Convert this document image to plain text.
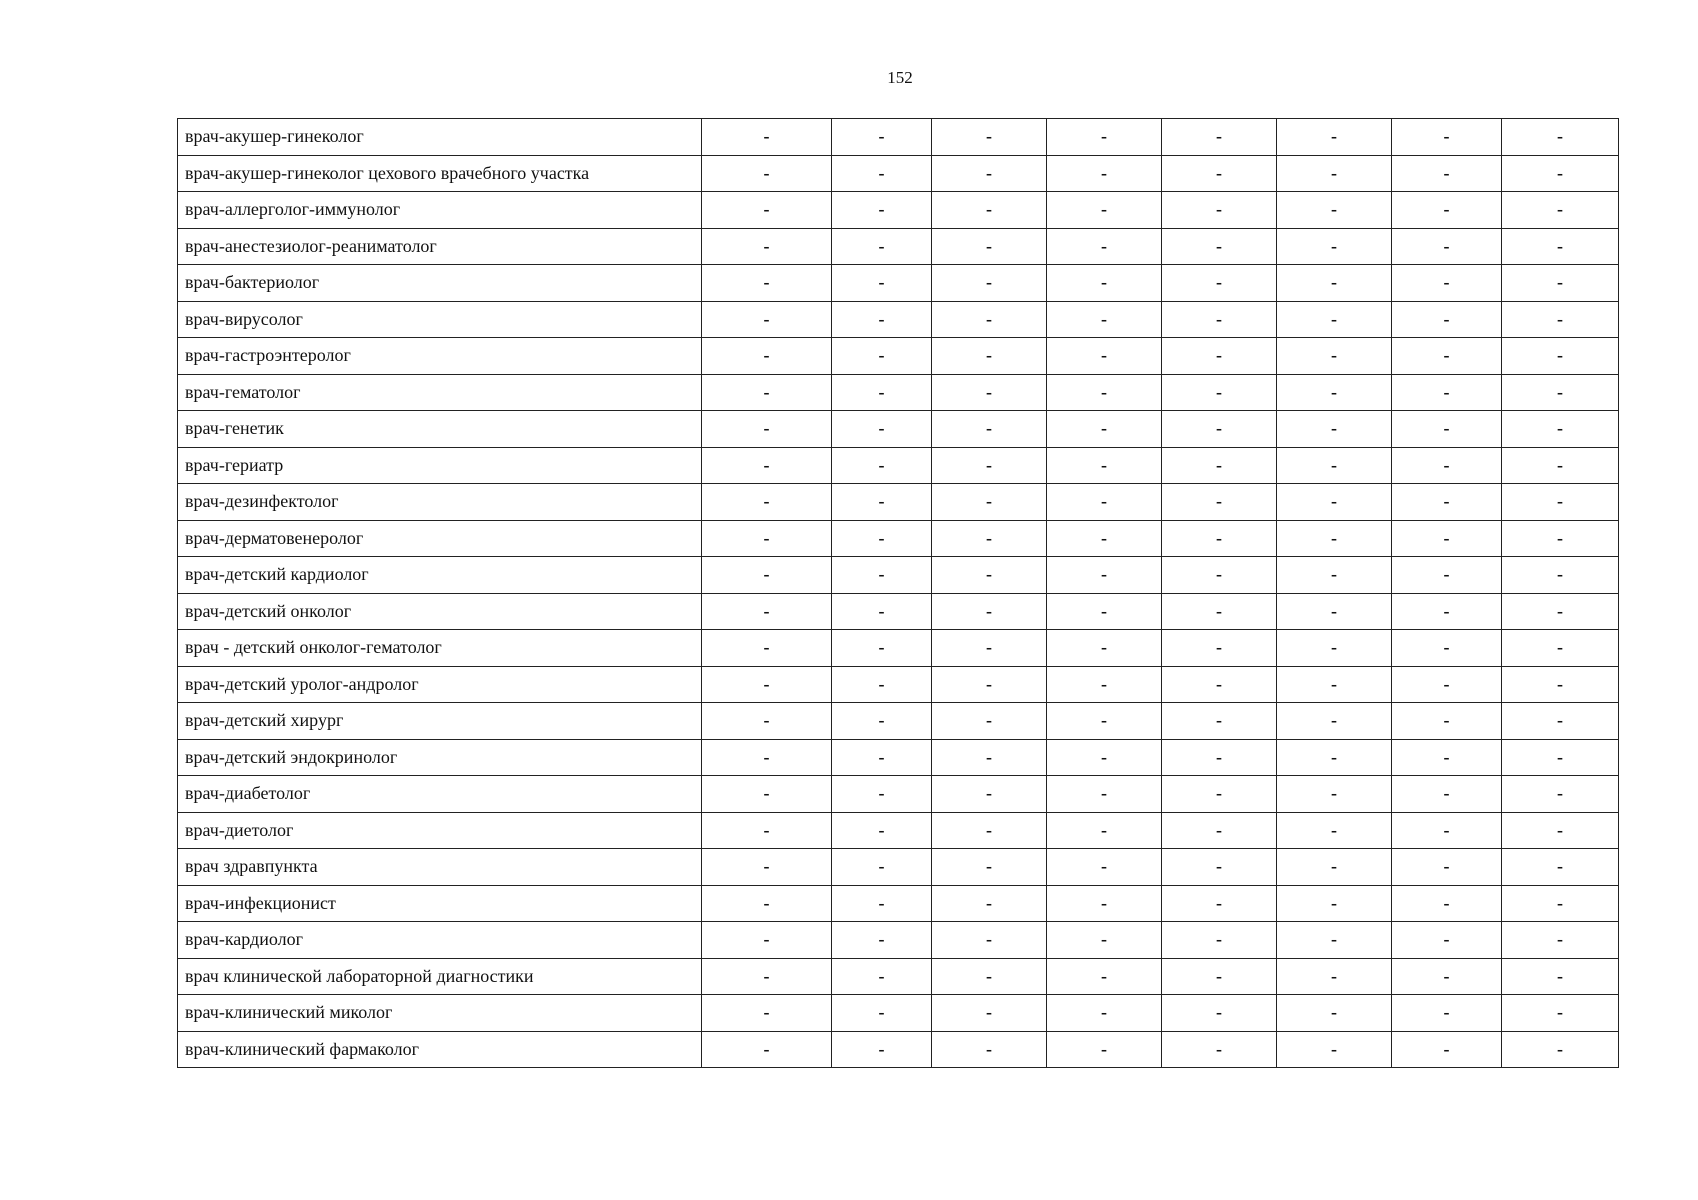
152
врач-акушер-гинеколог	-	-	-	-	-	-	-	-
врач-акушер-гинеколог цехового врачебного участка	-	-	-	-	-	-	-	-
врач-аллерголог-иммунолог	-	-	-	-	-	-	-	-
врач-анестезиолог-реаниматолог	-	-	-	-	-	-	-	-
врач-бактериолог	-	-	-	-	-	-	-	-
врач-вирусолог	-	-	-	-	-	-	-	-
врач-гастроэнтеролог	-	-	-	-	-	-	-	-
врач-гематолог	-	-	-	-	-	-	-	-
врач-генетик	-	-	-	-	-	-	-	-
врач-гериатр	-	-	-	-	-	-	-	-
врач-дезинфектолог	-	-	-	-	-	-	-	-
врач-дерматовенеролог	-	-	-	-	-	-	-	-
врач-детский кардиолог	-	-	-	-	-	-	-	-
врач-детский онколог	-	-	-	-	-	-	-	-
врач - детский онколог-гематолог	-	-	-	-	-	-	-	-
врач-детский уролог-андролог	-	-	-	-	-	-	-	-
врач-детский хирург	-	-	-	-	-	-	-	-
врач-детский эндокринолог	-	-	-	-	-	-	-	-
врач-диабетолог	-	-	-	-	-	-	-	-
врач-диетолог	-	-	-	-	-	-	-	-
врач здравпункта	-	-	-	-	-	-	-	-
врач-инфекционист	-	-	-	-	-	-	-	-
врач-кардиолог	-	-	-	-	-	-	-	-
врач клинической лабораторной диагностики	-	-	-	-	-	-	-	-
врач-клинический миколог	-	-	-	-	-	-	-	-
врач-клинический фармаколог	-	-	-	-	-	-	-	-
